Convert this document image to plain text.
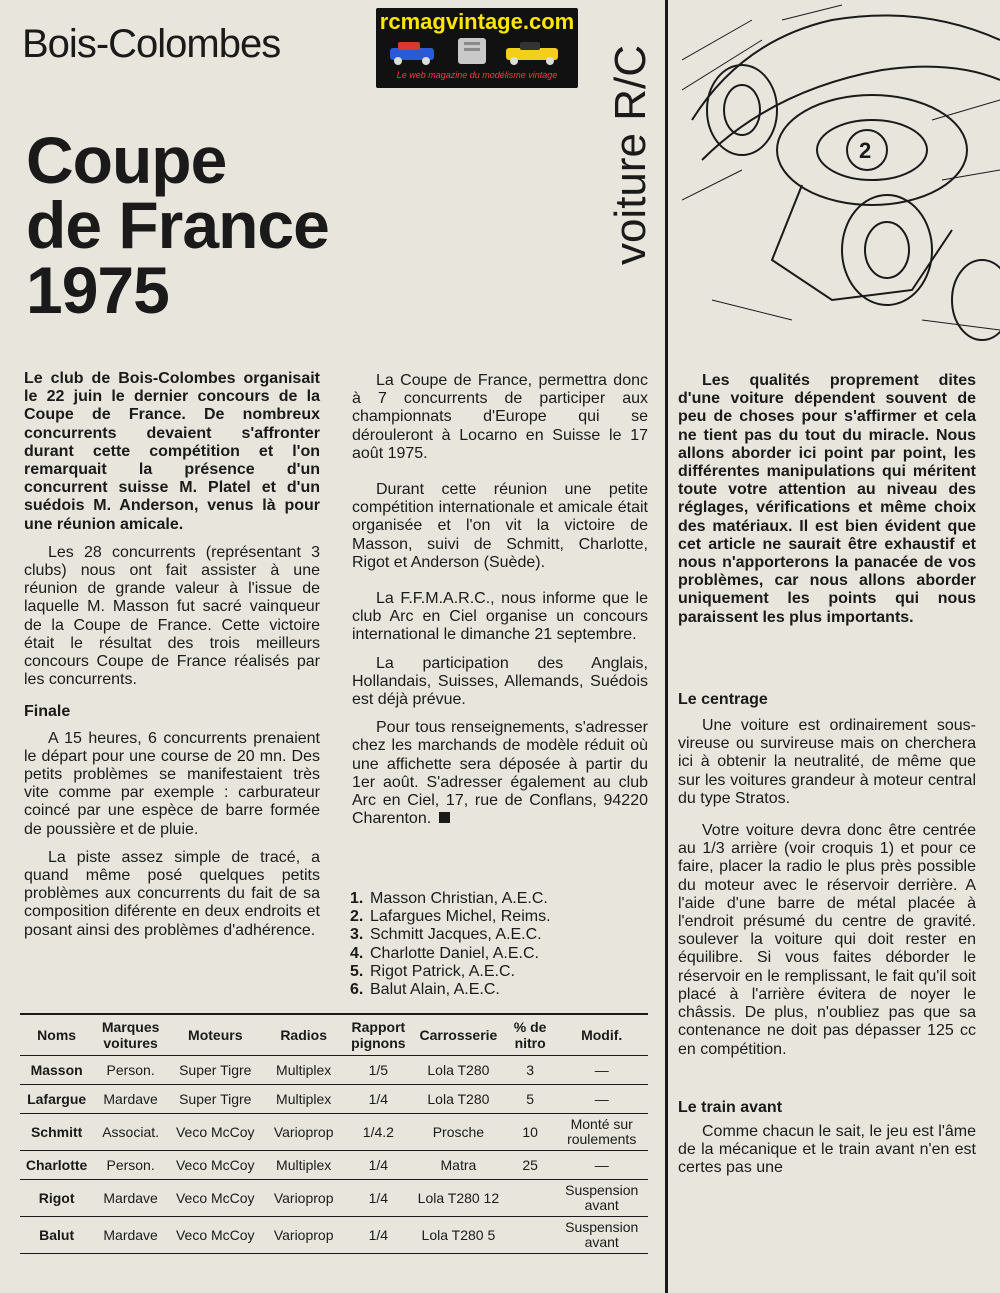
Bois-Colombes
Coupe
de France
1975
voiture R/C
rcmagvintage.com
Le web magazine du modélisme vintage
2

Le club de Bois-Colombes organisait le 22 juin le dernier concours de la Coupe de France. De nombreux concurrents devaient s'affronter durant cette compétition et l'on remarquait la présence d'un concurrent suisse M. Platel et d'un suédois M. Anderson, venus là pour une réunion amicale.

Les 28 concurrents (représentant 3 clubs) nous ont fait assister à une réunion de grande valeur à l'issue de laquelle M. Masson fut sacré vainqueur de la Coupe de France. Cette victoire était le résultat des trois meilleurs concours Coupe de France réalisés par les concurrents.

Finale

A 15 heures, 6 concurrents prenaient le départ pour une course de 20 mn. Des petits problèmes se manifestaient très vite comme par exemple : carburateur coincé par une espèce de barre formée de poussière et de pluie.

La piste assez simple de tracé, a quand même posé quelques petits problèmes aux concurrents du fait de sa composition diférente en deux endroits et posant ainsi des problèmes d'adhérence.

La Coupe de France, permettra donc à 7 concurrents de participer aux championnats d'Europe qui se dérouleront à Locarno en Suisse le 17 août 1975.

Durant cette réunion une petite compétition internationale et amicale était organisée et l'on vit la victoire de Masson, suivi de Schmitt, Charlotte, Rigot et Anderson (Suède).

La F.F.M.A.R.C., nous informe que le club Arc en Ciel organise un concours international le dimanche 21 septembre.

La participation des Anglais, Hollandais, Suisses, Allemands, Suédois est déjà prévue.

Pour tous renseignements, s'adresser chez les marchands de modèle réduit où une affichette sera déposée à partir du 1er août. S'adresser également au club Arc en Ciel, 17, rue de Conflans, 94220 Charenton.

1. Masson Christian, A.E.C.
2. Lafargues Michel, Reims.
3. Schmitt Jacques, A.E.C.
4. Charlotte Daniel, A.E.C.
5. Rigot Patrick, A.E.C.
6. Balut Alain, A.E.C.
Noms	Marques voitures	Moteurs	Radios	Rapport pignons	Carrosserie	% de nitro	Modif.
Masson	Person.	Super Tigre	Multiplex	1/5	Lola T280	3	—
Lafargue	Mardave	Super Tigre	Multiplex	1/4	Lola T280	5	—
Schmitt	Associat.	Veco McCoy	Varioprop	1/4.2	Prosche	10	Monté sur roulements
Charlotte	Person.	Veco McCoy	Multiplex	1/4	Matra	25	—
Rigot	Mardave	Veco McCoy	Varioprop	1/4	Lola T280 12		Suspension avant
Balut	Mardave	Veco McCoy	Varioprop	1/4	Lola T280 5		Suspension avant

Les qualités proprement dites d'une voiture dépendent souvent de peu de choses pour s'affirmer et cela ne tient pas du tout du miracle. Nous allons aborder ici point par point, les différentes manipulations qui méritent toute votre attention au niveau des réglages, vérifications et même choix des matériaux. Il est bien évident que cet article ne saurait être exhaustif et nous n'apporterons la panacée de vos problèmes, car nous allons aborder uniquement les points qui nous paraissent les plus importants.

Le centrage

Une voiture est ordinairement sous-vireuse ou survireuse mais on cherchera ici à obtenir la neutralité, de même que sur les voitures grandeur à moteur central du type Stratos.

Votre voiture devra donc être centrée au 1/3 arrière (voir croquis 1) et pour ce faire, placer la radio le plus près possible du moteur avec le réservoir derrière. A l'aide d'une barre de métal placée à l'endroit présumé du centre de gravité. soulever la voiture qui doit rester en équilibre. Si vous faites déborder le réservoir en le remplissant, le fait qu'il soit placé à l'arrière évitera de noyer le châssis. De plus, n'oubliez pas que sa contenance ne doit pas dépasser 125 cc en compétition.

Le train avant

Comme chacun le sait, le jeu est l'âme de la mécanique et le train avant n'en est certes pas une
